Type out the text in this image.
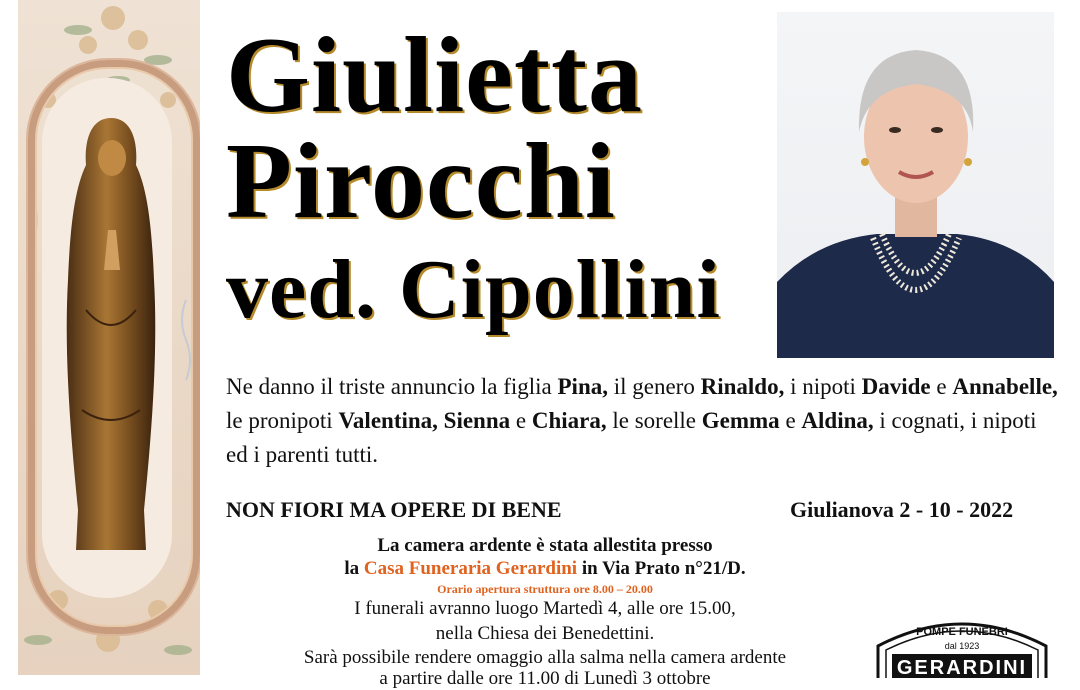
Giulietta
Pirocchi
ved. Cipollini
Ne danno il triste annuncio la figlia Pina, il genero Rinaldo, i nipoti Davide e Annabelle,
le pronipoti Valentina, Sienna e Chiara, le sorelle Gemma e Aldina, i cognati, i nipoti
ed i parenti tutti.
NON FIORI MA OPERE DI BENE	Giulianova 2 - 10 - 2022
La camera ardente è stata allestita presso
la Casa Funeraria Gerardini in Via Prato n°21/D.
Orario apertura struttura ore 8.00 – 20.00
I funerali avranno luogo Martedì 4, alle ore 15.00,
nella Chiesa dei Benedettini.
Sarà possibile rendere omaggio alla salma nella camera ardente
a partire dalle ore 11.00 di Lunedì 3 ottobre
POMPE FUNEBRI
dal 1923
GERARDINI
